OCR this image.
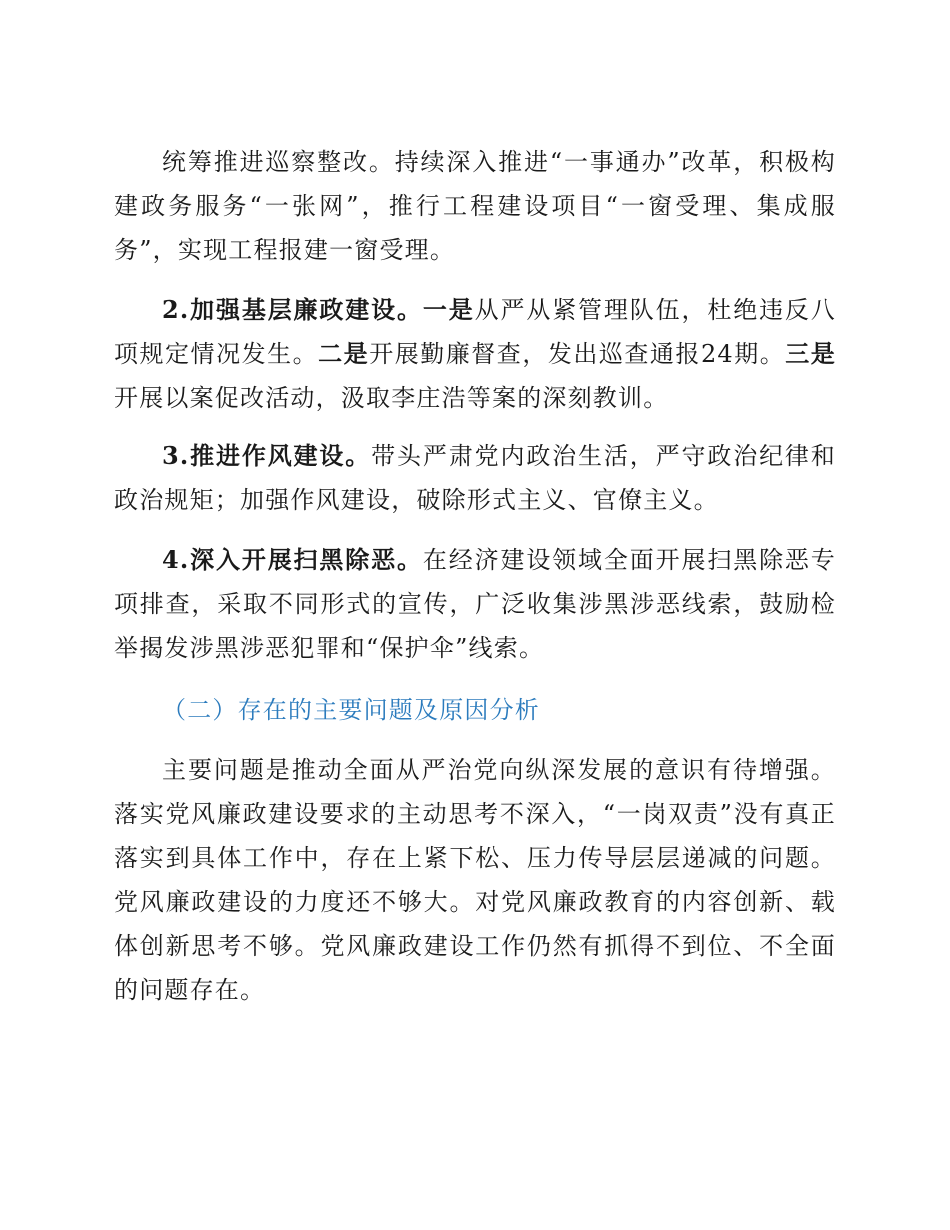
统筹推进巡察整改。持续深入推进“一事通办”改革，积极构建政务服务“一张网”，推行工程建设项目“一窗受理、集成服务”，实现工程报建一窗受理。

2.加强基层廉政建设。一是从严从紧管理队伍，杜绝违反八项规定情况发生。二是开展勤廉督查，发出巡查通报24期。三是开展以案促改活动，汲取李庄浩等案的深刻教训。

3.推进作风建设。带头严肃党内政治生活，严守政治纪律和政治规矩；加强作风建设，破除形式主义、官僚主义。

4.深入开展扫黑除恶。在经济建设领域全面开展扫黑除恶专项排查，采取不同形式的宣传，广泛收集涉黑涉恶线索，鼓励检举揭发涉黑涉恶犯罪和“保护伞”线索。

（二）存在的主要问题及原因分析

主要问题是推动全面从严治党向纵深发展的意识有待增强。落实党风廉政建设要求的主动思考不深入，“一岗双责”没有真正落实到具体工作中，存在上紧下松、压力传导层层递减的问题。党风廉政建设的力度还不够大。对党风廉政教育的内容创新、载体创新思考不够。党风廉政建设工作仍然有抓得不到位、不全面的问题存在。
